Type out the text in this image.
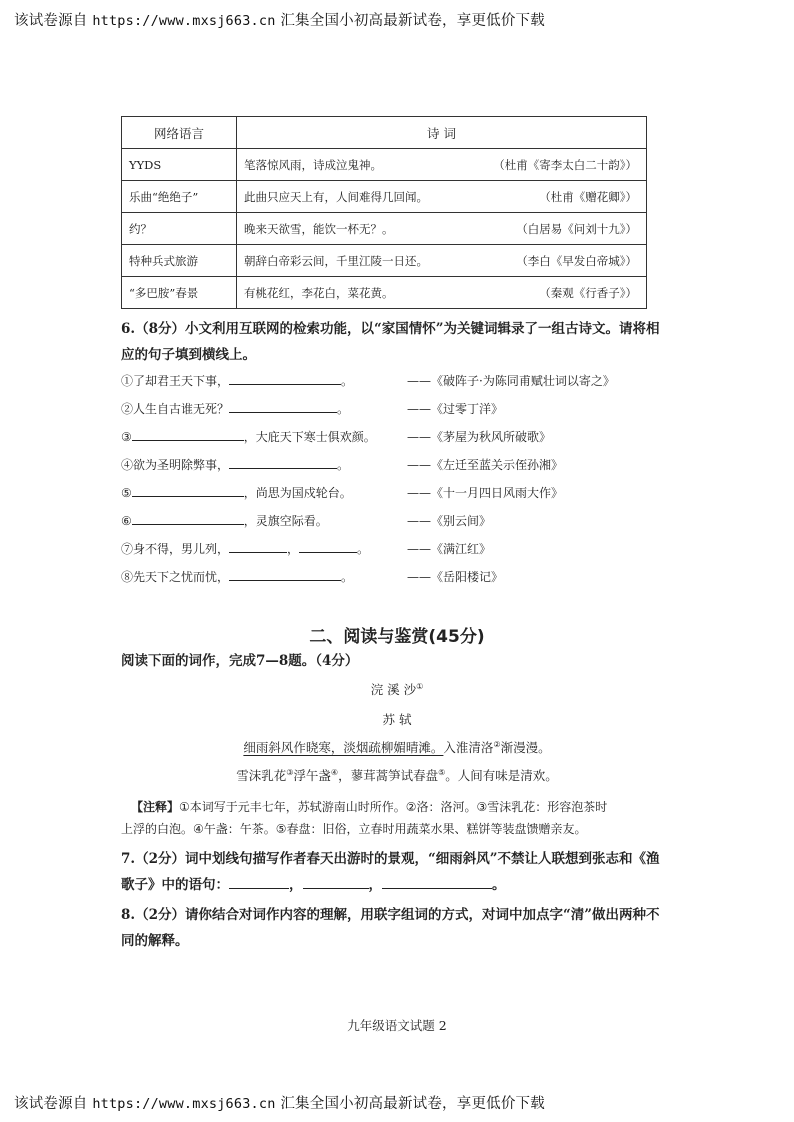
该试卷源自 https://www.mxsj663.cn 汇集全国小初高最新试卷，享更低价下载
网络语言	诗 词
YYDS	笔落惊风雨，诗成泣鬼神。 （杜甫《寄李太白二十韵》）

乐曲“绝绝子”	此曲只应天上有，人间难得几回闻。 （杜甫《赠花卿》）

约？	晚来天欲雪，能饮一杯无？。 （白居易《问刘十九》）

特种兵式旅游	朝辞白帝彩云间，千里江陵一日还。 （李白《早发白帝城》）

“多巴胺”春景	有桃花红，李花白，菜花黄。 （秦观《行香子》）
6.（8分）小文利用互联网的检索功能，以“家国情怀”为关键词辑录了一组古诗文。请将相应的句子填到横线上。
①了却君王天下事，	。	——《破阵子·为陈同甫赋壮词以寄之》
②人生自古谁无死？	。	——《过零丁洋》
③	，大庇天下寒士俱欢颜。	——《茅屋为秋风所破歌》
④欲为圣明除弊事，	。	——《左迁至蓝关示侄孙湘》
⑤	，尚思为国戍轮台。	——《十一月四日风雨大作》
⑥	，灵旗空际看。	——《别云间》
⑦身不得，男儿列，	，	。	——《满江红》
⑧先天下之忧而忧，	。	——《岳阳楼记》
二、阅读与鉴赏(45分)
阅读下面的词作，完成7—8题。（4分）
浣 溪 沙①
苏 轼
细雨斜风作晓寒，淡烟疏柳媚晴滩。入淮清洛②渐漫漫。
雪沫乳花③浮午盏④，蓼茸蒿笋试春盘⑤。人间有味是清欢。
【注释】①本词写于元丰七年，苏轼游南山时所作。②洛：洛河。③雪沫乳花：形容泡茶时
上浮的白泡。④午盏：午茶。⑤春盘：旧俗，立春时用蔬菜水果、糕饼等装盘馈赠亲友。
7.（2分）词中划线句描写作者春天出游时的景观，“细雨斜风”不禁让人联想到张志和《渔歌子》中的语句：	，	，	。
8.（2分）请你结合对词作内容的理解，用联字组词的方式，对词中加点字“清”做出两种不同的解释。
九年级语文试题 2
该试卷源自 https://www.mxsj663.cn 汇集全国小初高最新试卷，享更低价下载
